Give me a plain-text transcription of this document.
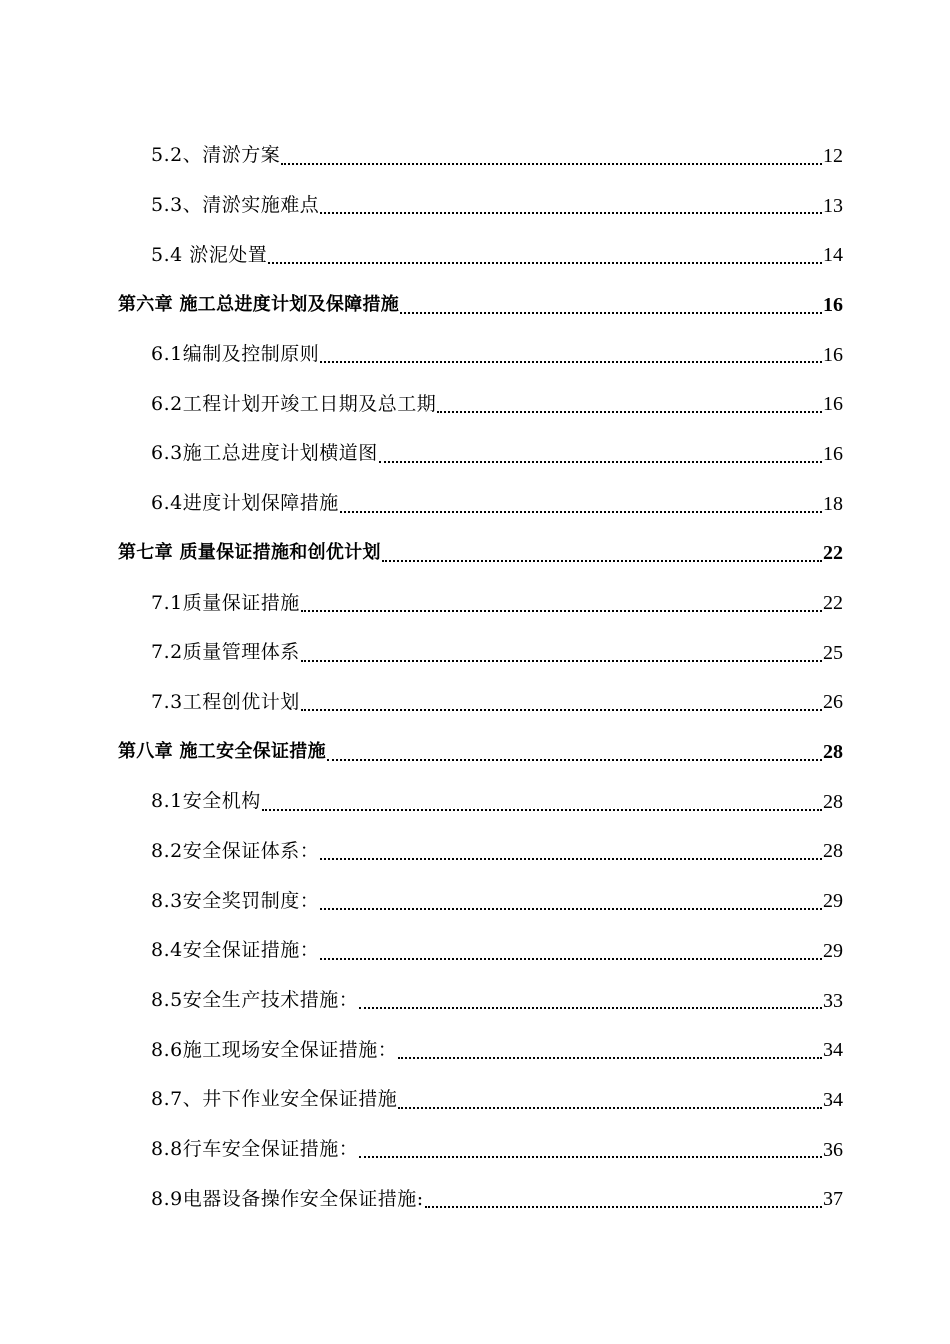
5.2、清淤方案	12
5.3、清淤实施难点	13
5.4 淤泥处置	14
第六章 施工总进度计划及保障措施	16
6.1编制及控制原则	16
6.2工程计划开竣工日期及总工期	16
6.3施工总进度计划横道图	16
6.4进度计划保障措施	18
第七章 质量保证措施和创优计划	22
7.1质量保证措施	22
7.2质量管理体系	25
7.3工程创优计划	26
第八章 施工安全保证措施	28
8.1安全机构	28
8.2安全保证体系：	28
8.3安全奖罚制度：	29
8.4安全保证措施：	29
8.5安全生产技术措施：	33
8.6施工现场安全保证措施：	34
8.7、井下作业安全保证措施	34
8.8行车安全保证措施：	36
8.9电器设备操作安全保证措施:	37
